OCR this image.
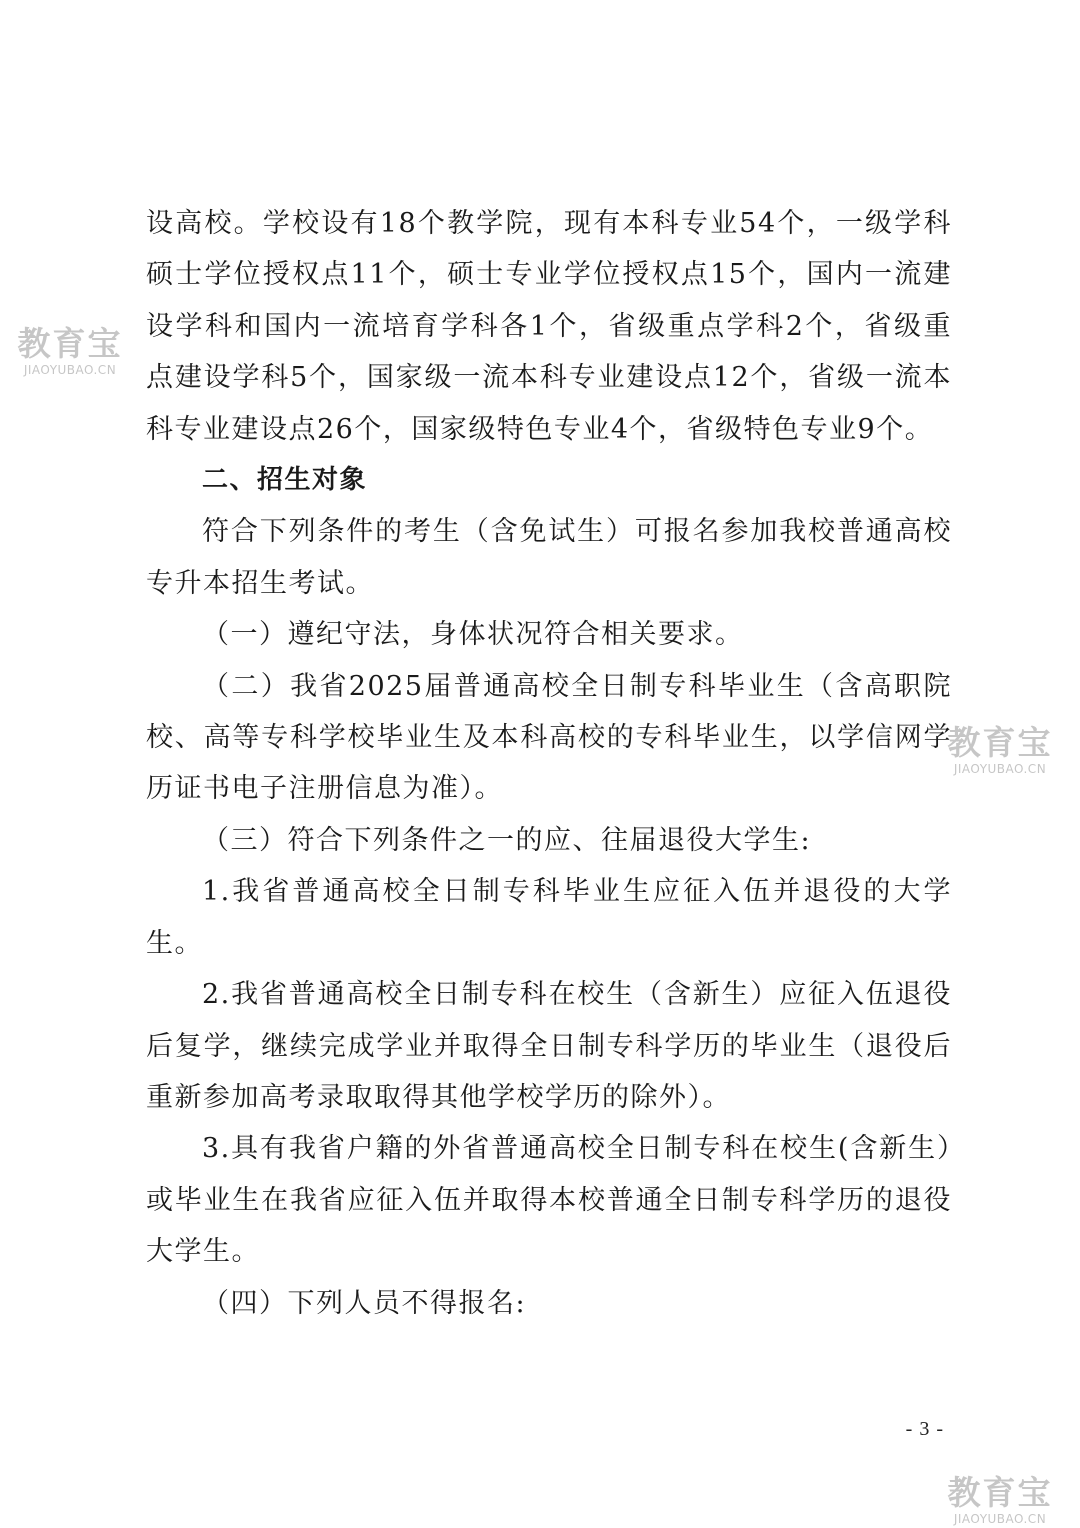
设高校。学校设有18个教学院，现有本科专业54个，一级学科硕士学位授权点11个，硕士专业学位授权点15个，国内一流建设学科和国内一流培育学科各1个，省级重点学科2个，省级重点建设学科5个，国家级一流本科专业建设点12个，省级一流本科专业建设点26个，国家级特色专业4个，省级特色专业9个。

二、招生对象

符合下列条件的考生（含免试生）可报名参加我校普通高校专升本招生考试。

（一）遵纪守法，身体状况符合相关要求。

（二）我省2025届普通高校全日制专科毕业生（含高职院校、高等专科学校毕业生及本科高校的专科毕业生，以学信网学历证书电子注册信息为准）。

（三）符合下列条件之一的应、往届退役大学生:

1.我省普通高校全日制专科毕业生应征入伍并退役的大学生。

2.我省普通高校全日制专科在校生（含新生）应征入伍退役后复学，继续完成学业并取得全日制专科学历的毕业生（退役后重新参加高考录取取得其他学校学历的除外）。

3.具有我省户籍的外省普通高校全日制专科在校生(含新生）或毕业生在我省应征入伍并取得本校普通全日制专科学历的退役大学生。

（四）下列人员不得报名:

- 3 -
教育宝
JIAOYUBAO.CN
教育宝
JIAOYUBAO.CN
教育宝
JIAOYUBAO.CN
